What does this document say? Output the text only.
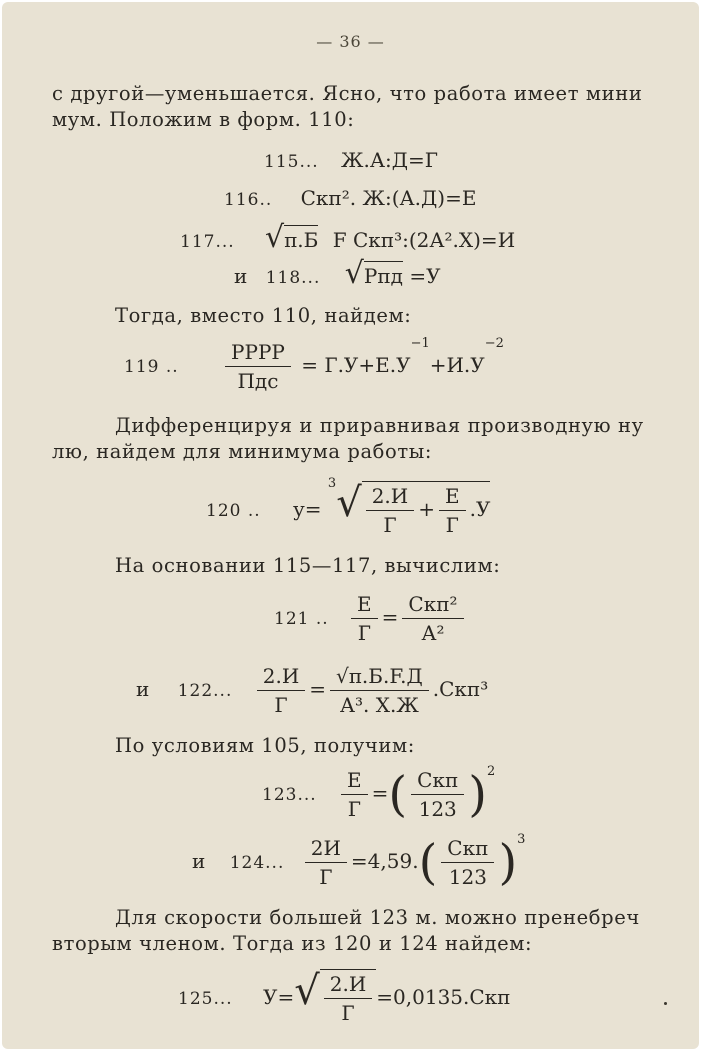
— 36 —
с другой—уменьшается. Ясно, что работа имеет мини
мум. Положим в форм. 110:
115... Ж.А:Д=Г
116.. Скп². Ж:(А.Д)=Е
117... √π.Б F Скп³:(2А².Х)=И
и 118... √Рпд =У
Тогда, вместо 110, найдем:
119 .. $\frac{\text{РРРР}}{\text{Пдс}} = Г.У+Е.У^{-1}+И.У^{-2}$
Дифференцируя и приравнивая производную ну
лю, найдем для минимума работы:
120 .. $у= ^3√ \frac{2.И}{Г} + \frac{Е}{Г} .У$
На основании 115—117, вычислим:
121 .. $\frac{Е}{Г} = \frac{\text{Скп²}}{\text{А²}}$
и 122... $\frac{2.И}{Г} = \frac{√\pi.Б.F.Д}{\text{А³. Х.Ж}} .Скп^3$
По условиям 105, получим:
123... $\frac{Е}{Г}$ =( $\frac{\text{Скп}}{123} )^2$
и 124... $\frac{2И}{Г} =4,59.( \frac{\text{Скп}}{123} )^3$
Для скорости большей 123 м. можно пренебреч
вторым членом. Тогда из 120 и 124 найдем:
125... $У=√ \frac{2.И}{Г} =0,0135.Скп$
